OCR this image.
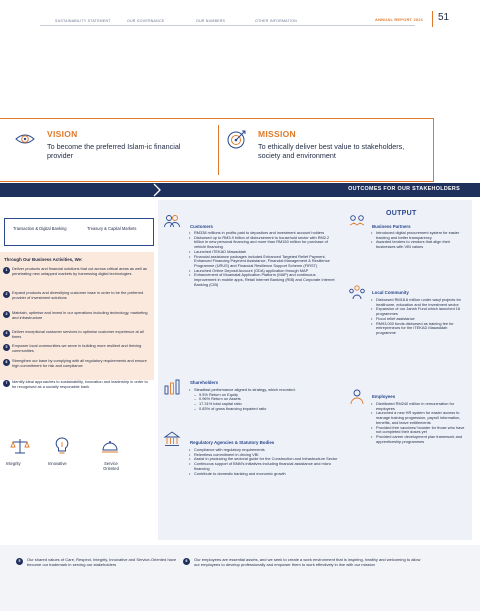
SUSTAINABILITY STATEMENT	OUR GOVERNANCE	OUR NUMBERS	OTHER INFORMATION	ANNUAL REPORT 2021 51
VISION
To become the preferred Islam-ic financial provider
MISSION
To ethically deliver best value to stakeholders, society and environment
OUTCOMES FOR OUR STAKEHOLDERS
OUTPUT
Transaction & Digital Banking	Treasury & Capital Markets
Through Our Business Activities, We:
1	Deliver products and financial solutions that cut across critical areas as well as penetrating new untapped markets by harnessing digital technologies
2	Expand products and diversifying customer base in order to be the preferred provider of investment solutions
3	Maintain, optimise and invest in our operations including technology, marketing and infrastructure
4	Deliver exceptional customer services to optimise customer experience at all times
5	Empower local communities we serve in building more resilient and thriving communities
6	Strengthen our base by complying with all regulatory requirements and ensure high commitment for risk and compliance
7	Identify ideal approaches to sustainability, innovation and leadership in order to be recognised as a socially responsible bank
Integrity	Innovative	Service Oriented
Customers
• RM338 millions in profits paid to depositors and investment account holders
• Disbursed up to RM3.9 billion of disbursement to household sector with RM2.2 billion in new personal financing and more than RM150 million for purchase of vehicle financing
• Launched iTEKAD Mawaddah
• Financial assistance packages included Enhanced Targeted Relief Payment, Enhanced Financing Payment Assistance, Financial Management & Resilience Programme (URUS) and Financial Resilience Support Scheme (FIRST)
• Launched Online Deposit Account (ODA) application through MAP
• Enhancement of Muamalat Application Platform (MAP) and continuous improvement in mobile apps, Retail Internet Banking (RIB) and Corporate Internet Banking (CIB)
Shareholders
• Steadfast performance aligned to strategy, which recorded:
– 9.5% Return on Equity
– 0.96% Return on Assets
– 17.31% total capital ratio
– 0.83% of gross financing impaired ratio
Regulatory Agencies & Statutory Bodies
• Compliance with regulatory requirements
• Relentless commitment in driving VBI
• Assist in producing the sectoral guide for the Construction and Infrastructure Sector
• Continuous support of BNM's initiatives including financial assistance and micro financing
• Contribute to domestic banking and economic growth
Business Partners
• Introduced digital procurement system for easier tracking and better transparency
• Awarded tenders to vendors that align their businesses with VBI values
Local Community
• Disbursed RM18.6 million under waqf projects for healthcare, education and the investment sector
• Expansion of our Jariah Fund which launched 16 programmes
• Flood relief assistance
• RM93,000 funds disbursed as training fee for entrepreneurs for the iTEKAD Mawaddah programme
Employees
• Distributed RM240 million in remuneration for employees
• Launched a new HR system for easier access to manage training progression, payroll information, benefits, and leave entitlements
• Provided free vaccines/ booster for those who have not completed their doses yet
• Provided career development plan framework and apprenticeship programmes
5	Our shared values of Care, Respect, Integrity, Innovative and Service-Oriented have become our trademark in serving our stakeholders
6	Our employees are essential assets, and we seek to create a work environment that is inspiring, healthy and welcoming to allow our employees to develop professionally and empower them to work effectively in line with our mission
